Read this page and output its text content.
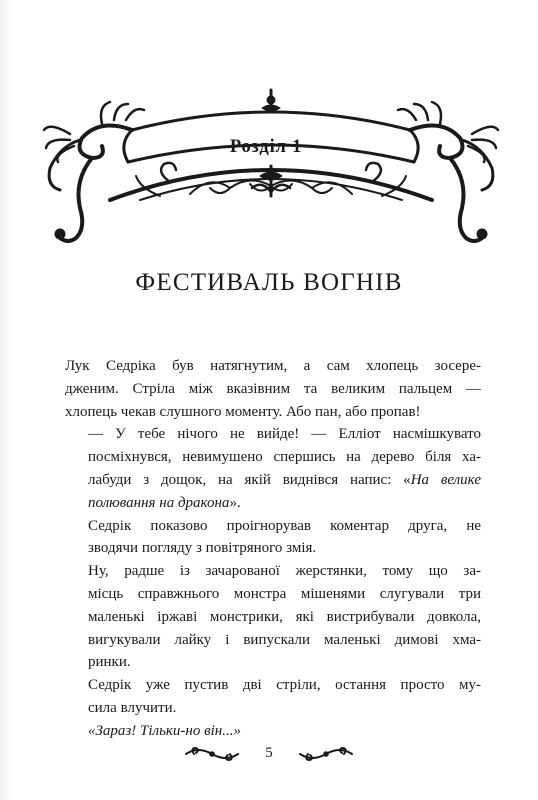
Розділ 1
ФЕСТИВАЛЬ ВОГНІВ

Лук Седріка був натягнутим, а сам хлопець зосере-
дженим. Стріла між вказівним та великим пальцем —
хлопець чекав слушного моменту. Або пан, або пропав!

— У тебе нічого не вийде! — Елліот насмішкувато
посміхнувся, невимушено спершись на дерево біля ха-
лабуди з дощок, на якій виднівся напис: «На велике
полювання на дракона».

Седрік показово проігнорував коментар друга, не
зводячи погляду з повітряного змія.

Ну, радше із зачарованої жерстянки, тому що за-
місць справжнього монстра мішенями слугували три
маленькі іржаві монстрики, які вистрибували довкола,
вигукували лайку і випускали маленькі димові хма-
ринки.

Седрік уже пустив дві стріли, остання просто му-
сила влучити.

«Зараз! Тільки-но він...»

5
